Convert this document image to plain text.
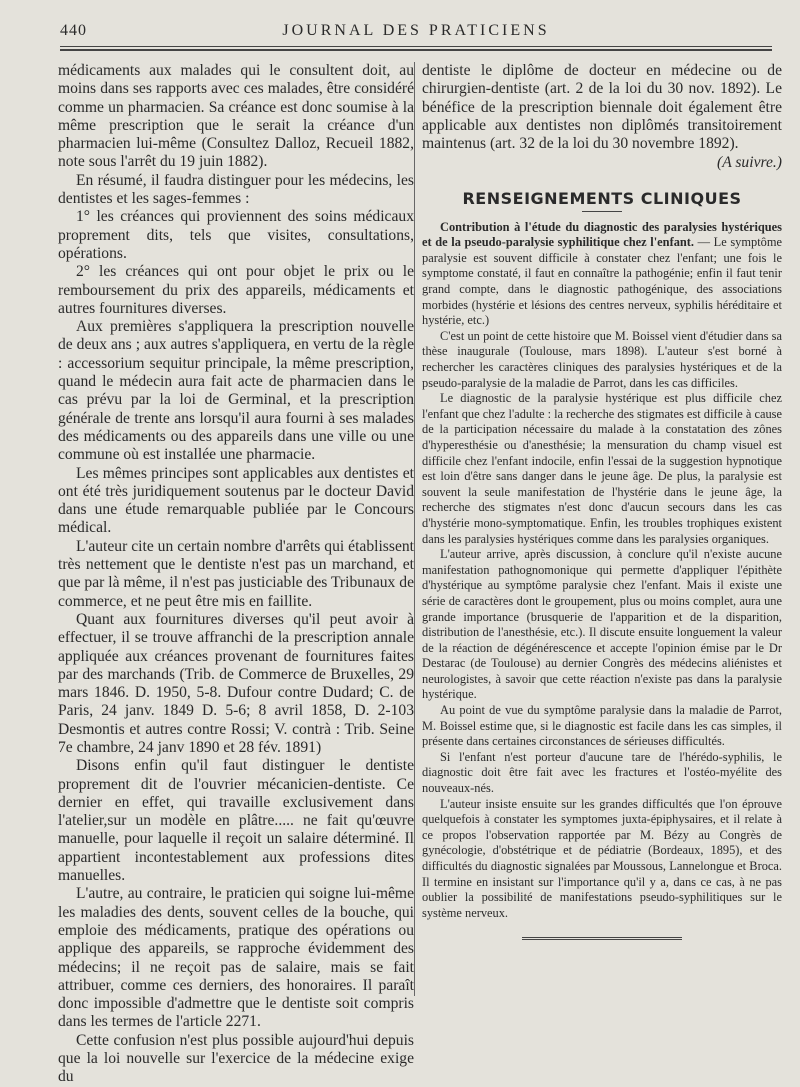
440	JOURNAL DES PRATICIENS

médicaments aux malades qui le consultent doit, au moins dans ses rapports avec ces malades, être considéré comme un pharmacien. Sa créance est donc soumise à la même prescription que le serait la créance d'un pharmacien lui-même (Consultez Dalloz, Recueil 1882, note sous l'arrêt du 19 juin 1882).

En résumé, il faudra distinguer pour les médecins, les dentistes et les sages-femmes :

1° les créances qui proviennent des soins médicaux proprement dits, tels que visites, consultations, opérations.

2° les créances qui ont pour objet le prix ou le remboursement du prix des appareils, médicaments et autres fournitures diverses.

Aux premières s'appliquera la prescription nouvelle de deux ans ; aux autres s'appliquera, en vertu de la règle : accessorium sequitur principale, la même prescription, quand le médecin aura fait acte de pharmacien dans le cas prévu par la loi de Germinal, et la prescription générale de trente ans lorsqu'il aura fourni à ses malades des médicaments ou des appareils dans une ville ou une commune où est installée une pharmacie.

Les mêmes principes sont applicables aux dentistes et ont été très juridiquement soutenus par le docteur David dans une étude remarquable publiée par le Concours médical.

L'auteur cite un certain nombre d'arrêts qui établissent très nettement que le dentiste n'est pas un marchand, et que par là même, il n'est pas justiciable des Tribunaux de commerce, et ne peut être mis en faillite.

Quant aux fournitures diverses qu'il peut avoir à effectuer, il se trouve affranchi de la prescription annale appliquée aux créances provenant de fournitures faites par des marchands (Trib. de Commerce de Bruxelles, 29 mars 1846. D. 1950, 5-8. Dufour contre Dudard; C. de Paris, 24 janv. 1849 D. 5-6; 8 avril 1858, D. 2-103 Desmontis et autres contre Rossi; V. contrà : Trib. Seine 7e chambre, 24 janv 1890 et 28 fév. 1891)

Disons enfin qu'il faut distinguer le dentiste proprement dit de l'ouvrier mécanicien-dentiste. Ce dernier en effet, qui travaille exclusivement dans l'atelier,sur un modèle en plâtre..... ne fait qu'œuvre manuelle, pour laquelle il reçoit un salaire déterminé. Il appartient incontestablement aux professions dites manuelles.

L'autre, au contraire, le praticien qui soigne lui-même les maladies des dents, souvent celles de la bouche, qui emploie des médicaments, pratique des opérations ou applique des appareils, se rapproche évidemment des médecins; il ne reçoit pas de salaire, mais se fait attribuer, comme ces derniers, des honoraires. Il paraît donc impossible d'admettre que le dentiste soit compris dans les termes de l'article 2271.

Cette confusion n'est plus possible aujourd'hui depuis que la loi nouvelle sur l'exercice de la médecine exige du

dentiste le diplôme de docteur en médecine ou de chirurgien-dentiste (art. 2 de la loi du 30 nov. 1892). Le bénéfice de la prescription biennale doit également être applicable aux dentistes non diplômés transitoirement maintenus (art. 32 de la loi du 30 novembre 1892).

(A suivre.)

RENSEIGNEMENTS CLINIQUES

Contribution à l'étude du diagnostic des paralysies hystériques et de la pseudo-paralysie syphilitique chez l'enfant. — Le symptôme paralysie est souvent difficile à constater chez l'enfant; une fois le symptome constaté, il faut en connaître la pathogénie; enfin il faut tenir grand compte, dans le diagnostic pathogénique, des associations morbides (hystérie et lésions des centres nerveux, syphilis héréditaire et hystérie, etc.)

C'est un point de cette histoire que M. Boissel vient d'étudier dans sa thèse inaugurale (Toulouse, mars 1898). L'auteur s'est borné à rechercher les caractères cliniques des paralysies hystériques et de la pseudo-paralysie de la maladie de Parrot, dans les cas difficiles.

Le diagnostic de la paralysie hystérique est plus difficile chez l'enfant que chez l'adulte : la recherche des stigmates est difficile à cause de la participation nécessaire du malade à la constatation des zônes d'hyperesthésie ou d'anesthésie; la mensuration du champ visuel est difficile chez l'enfant indocile, enfin l'essai de la suggestion hypnotique est loin d'être sans danger dans le jeune âge. De plus, la paralysie est souvent la seule manifestation de l'hystérie dans le jeune âge, la recherche des stigmates n'est donc d'aucun secours dans les cas d'hystérie mono-symptomatique. Enfin, les troubles trophiques existent dans les paralysies hystériques comme dans les paralysies organiques.

L'auteur arrive, après discussion, à conclure qu'il n'existe aucune manifestation pathognomonique qui permette d'appliquer l'épithète d'hystérique au symptôme paralysie chez l'enfant. Mais il existe une série de caractères dont le groupement, plus ou moins complet, aura une grande importance (brusquerie de l'apparition et de la disparition, distribution de l'anesthésie, etc.). Il discute ensuite longuement la valeur de la réaction de dégénérescence et accepte l'opinion émise par le Dr Destarac (de Toulouse) au dernier Congrès des médecins aliénistes et neurologistes, à savoir que cette réaction n'existe pas dans la paralysie hystérique.

Au point de vue du symptôme paralysie dans la maladie de Parrot, M. Boissel estime que, si le diagnostic est facile dans les cas simples, il présente dans certaines circonstances de sérieuses difficultés.

Si l'enfant n'est porteur d'aucune tare de l'hérédo-syphilis, le diagnostic doit être fait avec les fractures et l'ostéo-myélite des nouveaux-nés.

L'auteur insiste ensuite sur les grandes difficultés que l'on éprouve quelquefois à constater les symptomes juxta-épiphysaires, et il relate à ce propos l'observation rapportée par M. Bézy au Congrès de gynécologie, d'obstétrique et de pédiatrie (Bordeaux, 1895), et des difficultés du diagnostic signalées par Moussous, Lannelongue et Broca. Il termine en insistant sur l'importance qu'il y a, dans ce cas, à ne pas oublier la possibilité de manifestations pseudo-syphilitiques sur le système nerveux.
